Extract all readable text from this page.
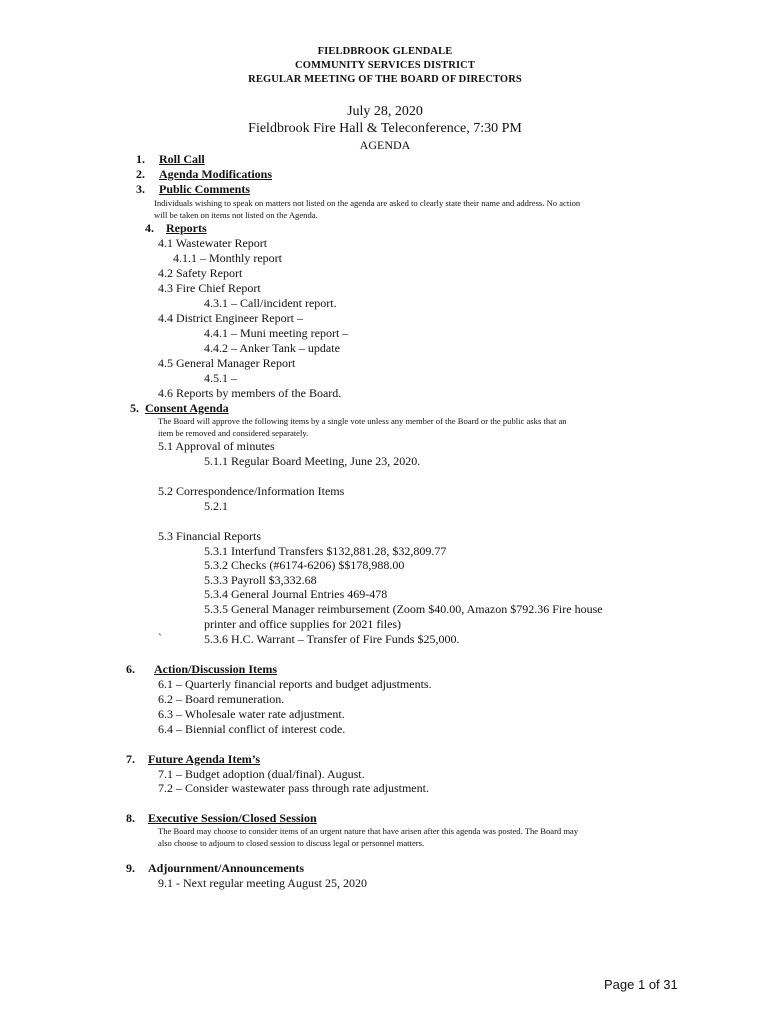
FIELDBROOK GLENDALE
COMMUNITY SERVICES DISTRICT
REGULAR MEETING OF THE BOARD OF DIRECTORS
July 28, 2020
Fieldbrook Fire Hall & Teleconference, 7:30 PM
AGENDA
1. Roll Call
2. Agenda Modifications
3. Public Comments
Individuals wishing to speak on matters not listed on the agenda are asked to clearly state their name and address. No action
will be taken on items not listed on the Agenda.
4. Reports
4.1 Wastewater Report
4.1.1 – Monthly report
4.2 Safety Report
4.3 Fire Chief Report
4.3.1 – Call/incident report.
4.4 District Engineer Report –
4.4.1 – Muni meeting report –
4.4.2 – Anker Tank – update
4.5 General Manager Report
4.5.1 –
4.6 Reports by members of the Board.
5. Consent Agenda
The Board will approve the following items by a single vote unless any member of the Board or the public asks that an
item be removed and considered separately.
5.1 Approval of minutes
5.1.1 Regular Board Meeting, June 23, 2020.
5.2 Correspondence/Information Items
5.2.1
5.3 Financial Reports
5.3.1 Interfund Transfers $132,881.28, $32,809.77
5.3.2 Checks (#6174-6206) $$178,988.00
5.3.3 Payroll $3,332.68
5.3.4 General Journal Entries 469-478
5.3.5 General Manager reimbursement (Zoom $40.00, Amazon $792.36 Fire house
printer and office supplies for 2021 files)
`	5.3.6 H.C. Warrant – Transfer of Fire Funds $25,000.
6. Action/Discussion Items
6.1 – Quarterly financial reports and budget adjustments.
6.2 – Board remuneration.
6.3 – Wholesale water rate adjustment.
6.4 – Biennial conflict of interest code.
7. Future Agenda Item’s
7.1 – Budget adoption (dual/final). August.
7.2 – Consider wastewater pass through rate adjustment.
8. Executive Session/Closed Session
The Board may choose to consider items of an urgent nature that have arisen after this agenda was posted. The Board may
also choose to adjourn to closed session to discuss legal or personnel matters.
9. Adjournment/Announcements
9.1 - Next regular meeting August 25, 2020
Page 1 of 31
